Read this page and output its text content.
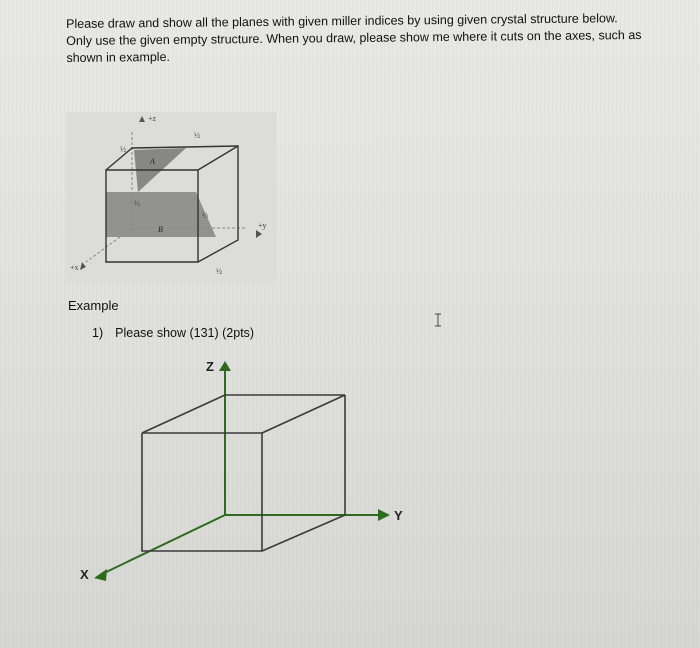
Please draw and show all the planes with given miller indices by using given crystal structure below.
Only use the given empty structure. When you draw, please show me where it cuts on the axes, such as
shown in example.
+z
+y
+x
A
B
½
½
½
½
½
Example
1) Please show (131) (2pts)
Z
Y
X
